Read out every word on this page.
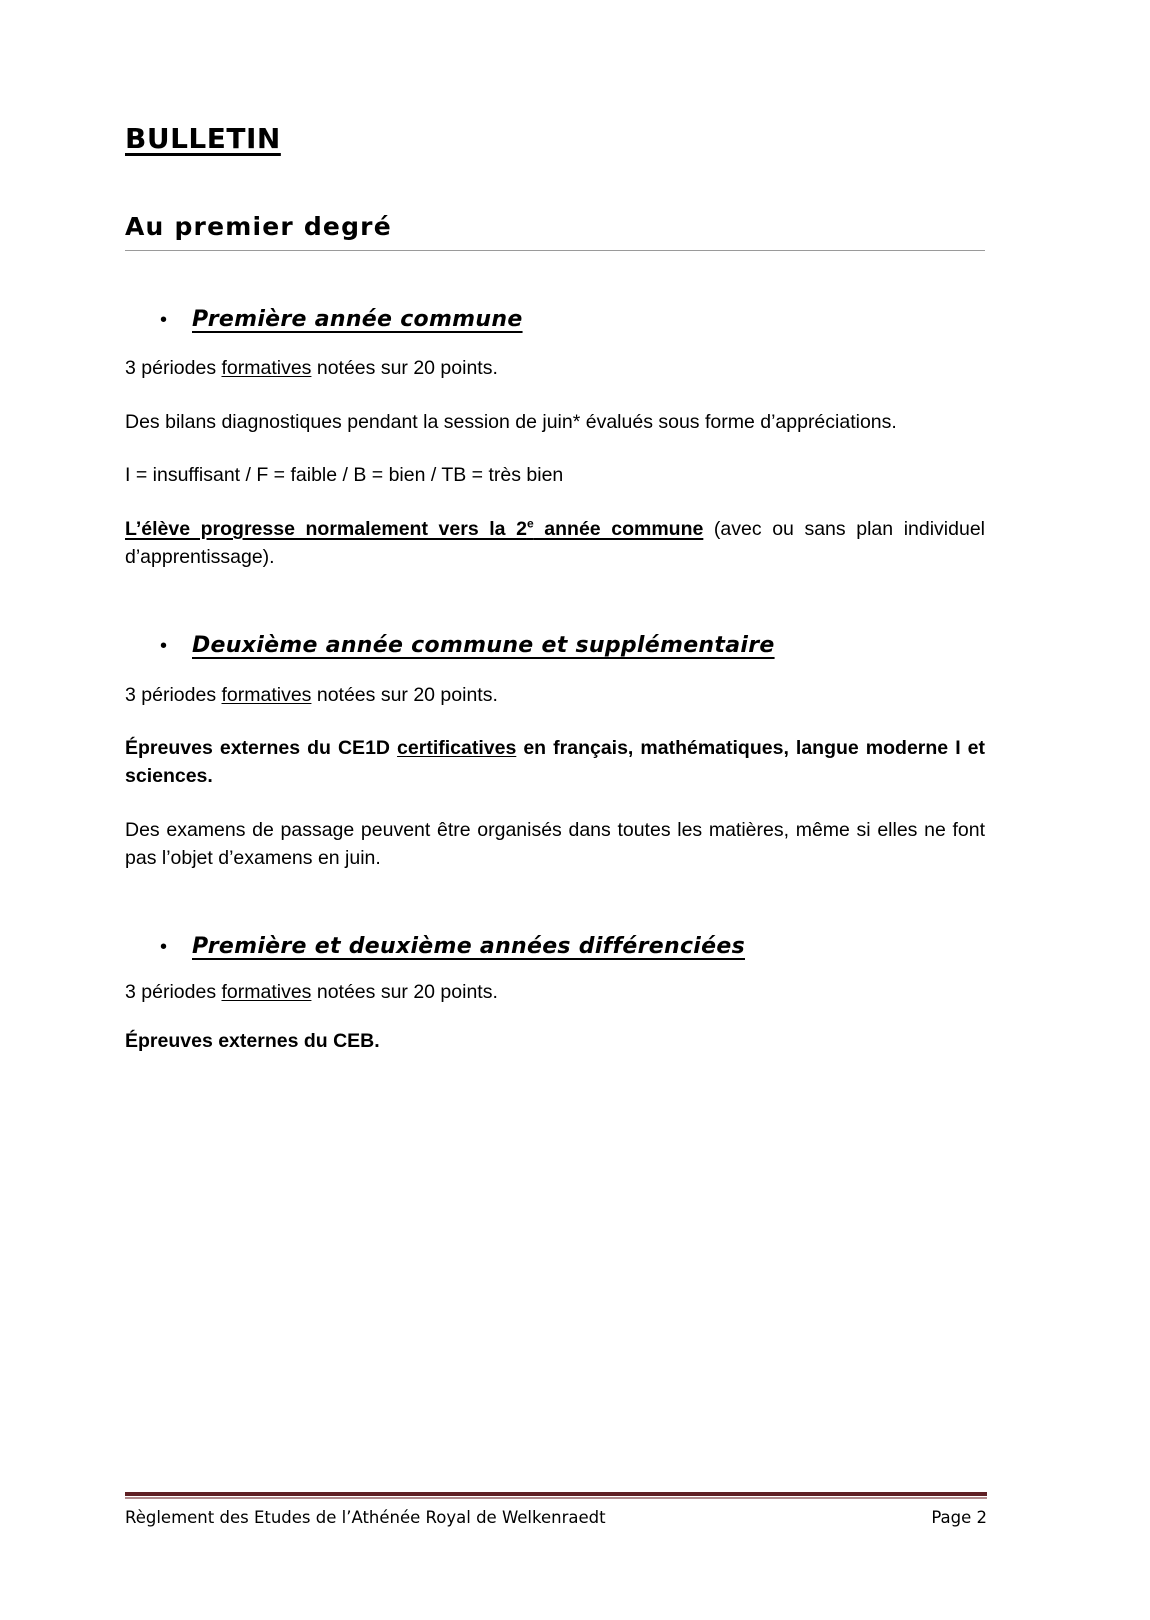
BULLETIN
Au premier degré
•	Première année commune

3 périodes formatives notées sur 20 points.

Des bilans diagnostiques pendant la session de juin* évalués sous forme d’appréciations.

I = insuffisant / F = faible / B = bien / TB = très bien

L’élève progresse normalement vers la 2e année commune (avec ou sans plan individuel d’apprentissage).

•	Deuxième année commune et supplémentaire

3 périodes formatives notées sur 20 points.

Épreuves externes du CE1D certificatives en français, mathématiques, langue moderne I et sciences.

Des examens de passage peuvent être organisés dans toutes les matières, même si elles ne font pas l’objet d’examens en juin.

•	Première et deuxième années différenciées

3 périodes formatives notées sur 20 points.

Épreuves externes du CEB.

Règlement des Etudes de l’Athénée Royal de Welkenraedt	Page 2
